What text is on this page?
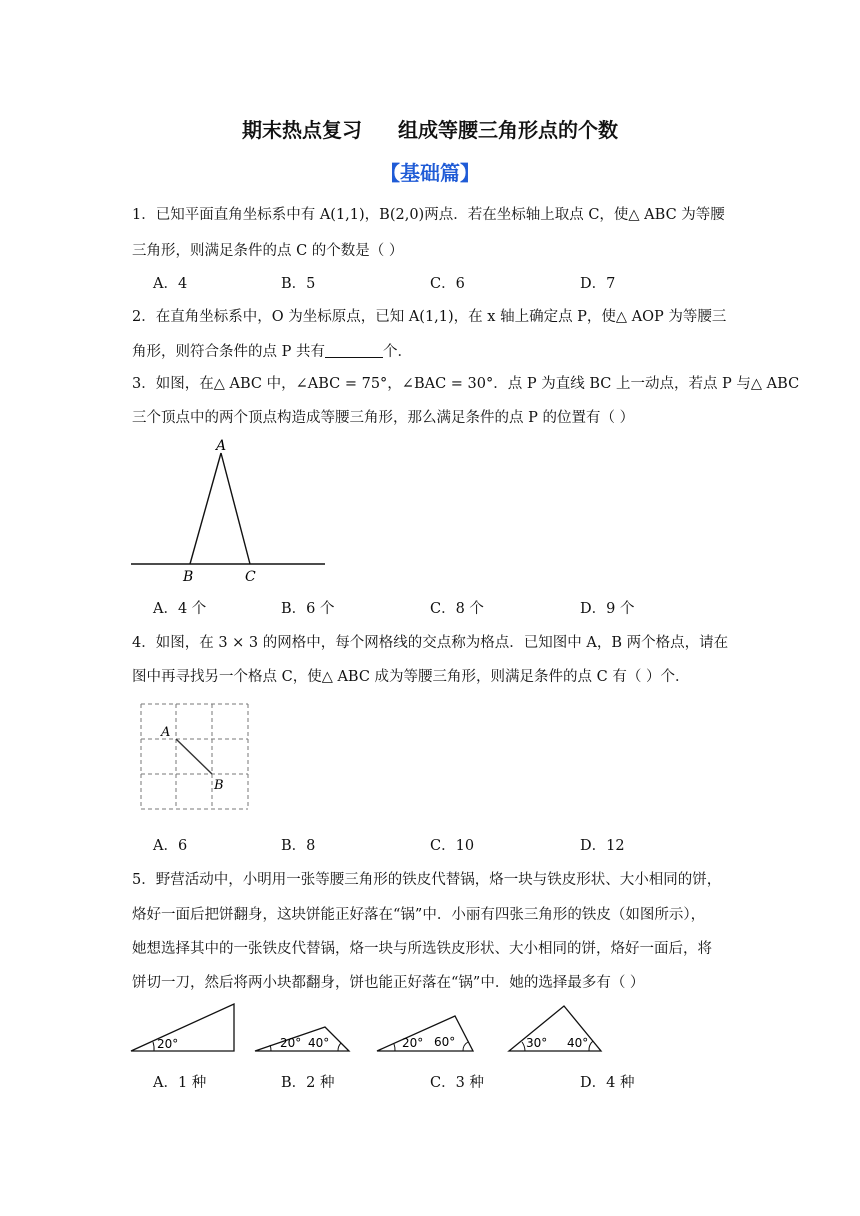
期末热点复习 组成等腰三角形点的个数
【基础篇】
1．已知平面直角坐标系中有 A(1,1)，B(2,0)两点．若在坐标轴上取点 C，使△ ABC 为等腰
三角形，则满足条件的点 C 的个数是（ ）
A．4	B．5	C．6	D．7
2．在直角坐标系中，O 为坐标原点，已知 A(1,1)，在 x 轴上确定点 P，使△ AOP 为等腰三
角形，则符合条件的点 P 共有	个．
3．如图，在△ ABC 中，∠ABC = 75°，∠BAC = 30°．点 P 为直线 BC 上一动点，若点 P 与△ ABC
三个顶点中的两个顶点构造成等腰三角形，那么满足条件的点 P 的位置有（ ）
A
B	C
A．4 个	B．6 个	C．8 个	D．9 个
4．如图，在 3 × 3 的网格中，每个网格线的交点称为格点．已知图中 A，B 两个格点，请在
图中再寻找另一个格点 C，使△ ABC 成为等腰三角形，则满足条件的点 C 有（ ）个．
A
B
A．6	B．8	C．10	D．12
5．野营活动中，小明用一张等腰三角形的铁皮代替锅，烙一块与铁皮形状、大小相同的饼，
烙好一面后把饼翻身，这块饼能正好落在“锅”中．小丽有四张三角形的铁皮（如图所示），
她想选择其中的一张铁皮代替锅，烙一块与所选铁皮形状、大小相同的饼，烙好一面后，将
饼切一刀，然后将两小块都翻身，饼也能正好落在“锅”中．她的选择最多有（ ）
20°	20° 40°	20° 60°	30° 40°
A．1 种	B．2 种	C．3 种	D．4 种
